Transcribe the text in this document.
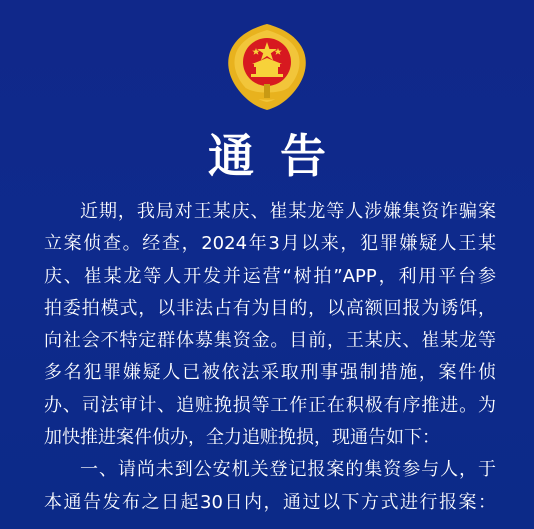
通告
近期，我局对王某庆、崔某龙等人涉嫌集资诈骗案
立案侦查。经查，2024年3月以来，犯罪嫌疑人王某
庆、崔某龙等人开发并运营“树拍”APP，利用平台参
拍委拍模式，以非法占有为目的，以高额回报为诱饵，
向社会不特定群体募集资金。目前，王某庆、崔某龙等
多名犯罪嫌疑人已被依法采取刑事强制措施，案件侦
办、司法审计、追赃挽损等工作正在积极有序推进。为
加快推进案件侦办，全力追赃挽损，现通告如下：
一、请尚未到公安机关登记报案的集资参与人，于
本通告发布之日起30日内，通过以下方式进行报案：
